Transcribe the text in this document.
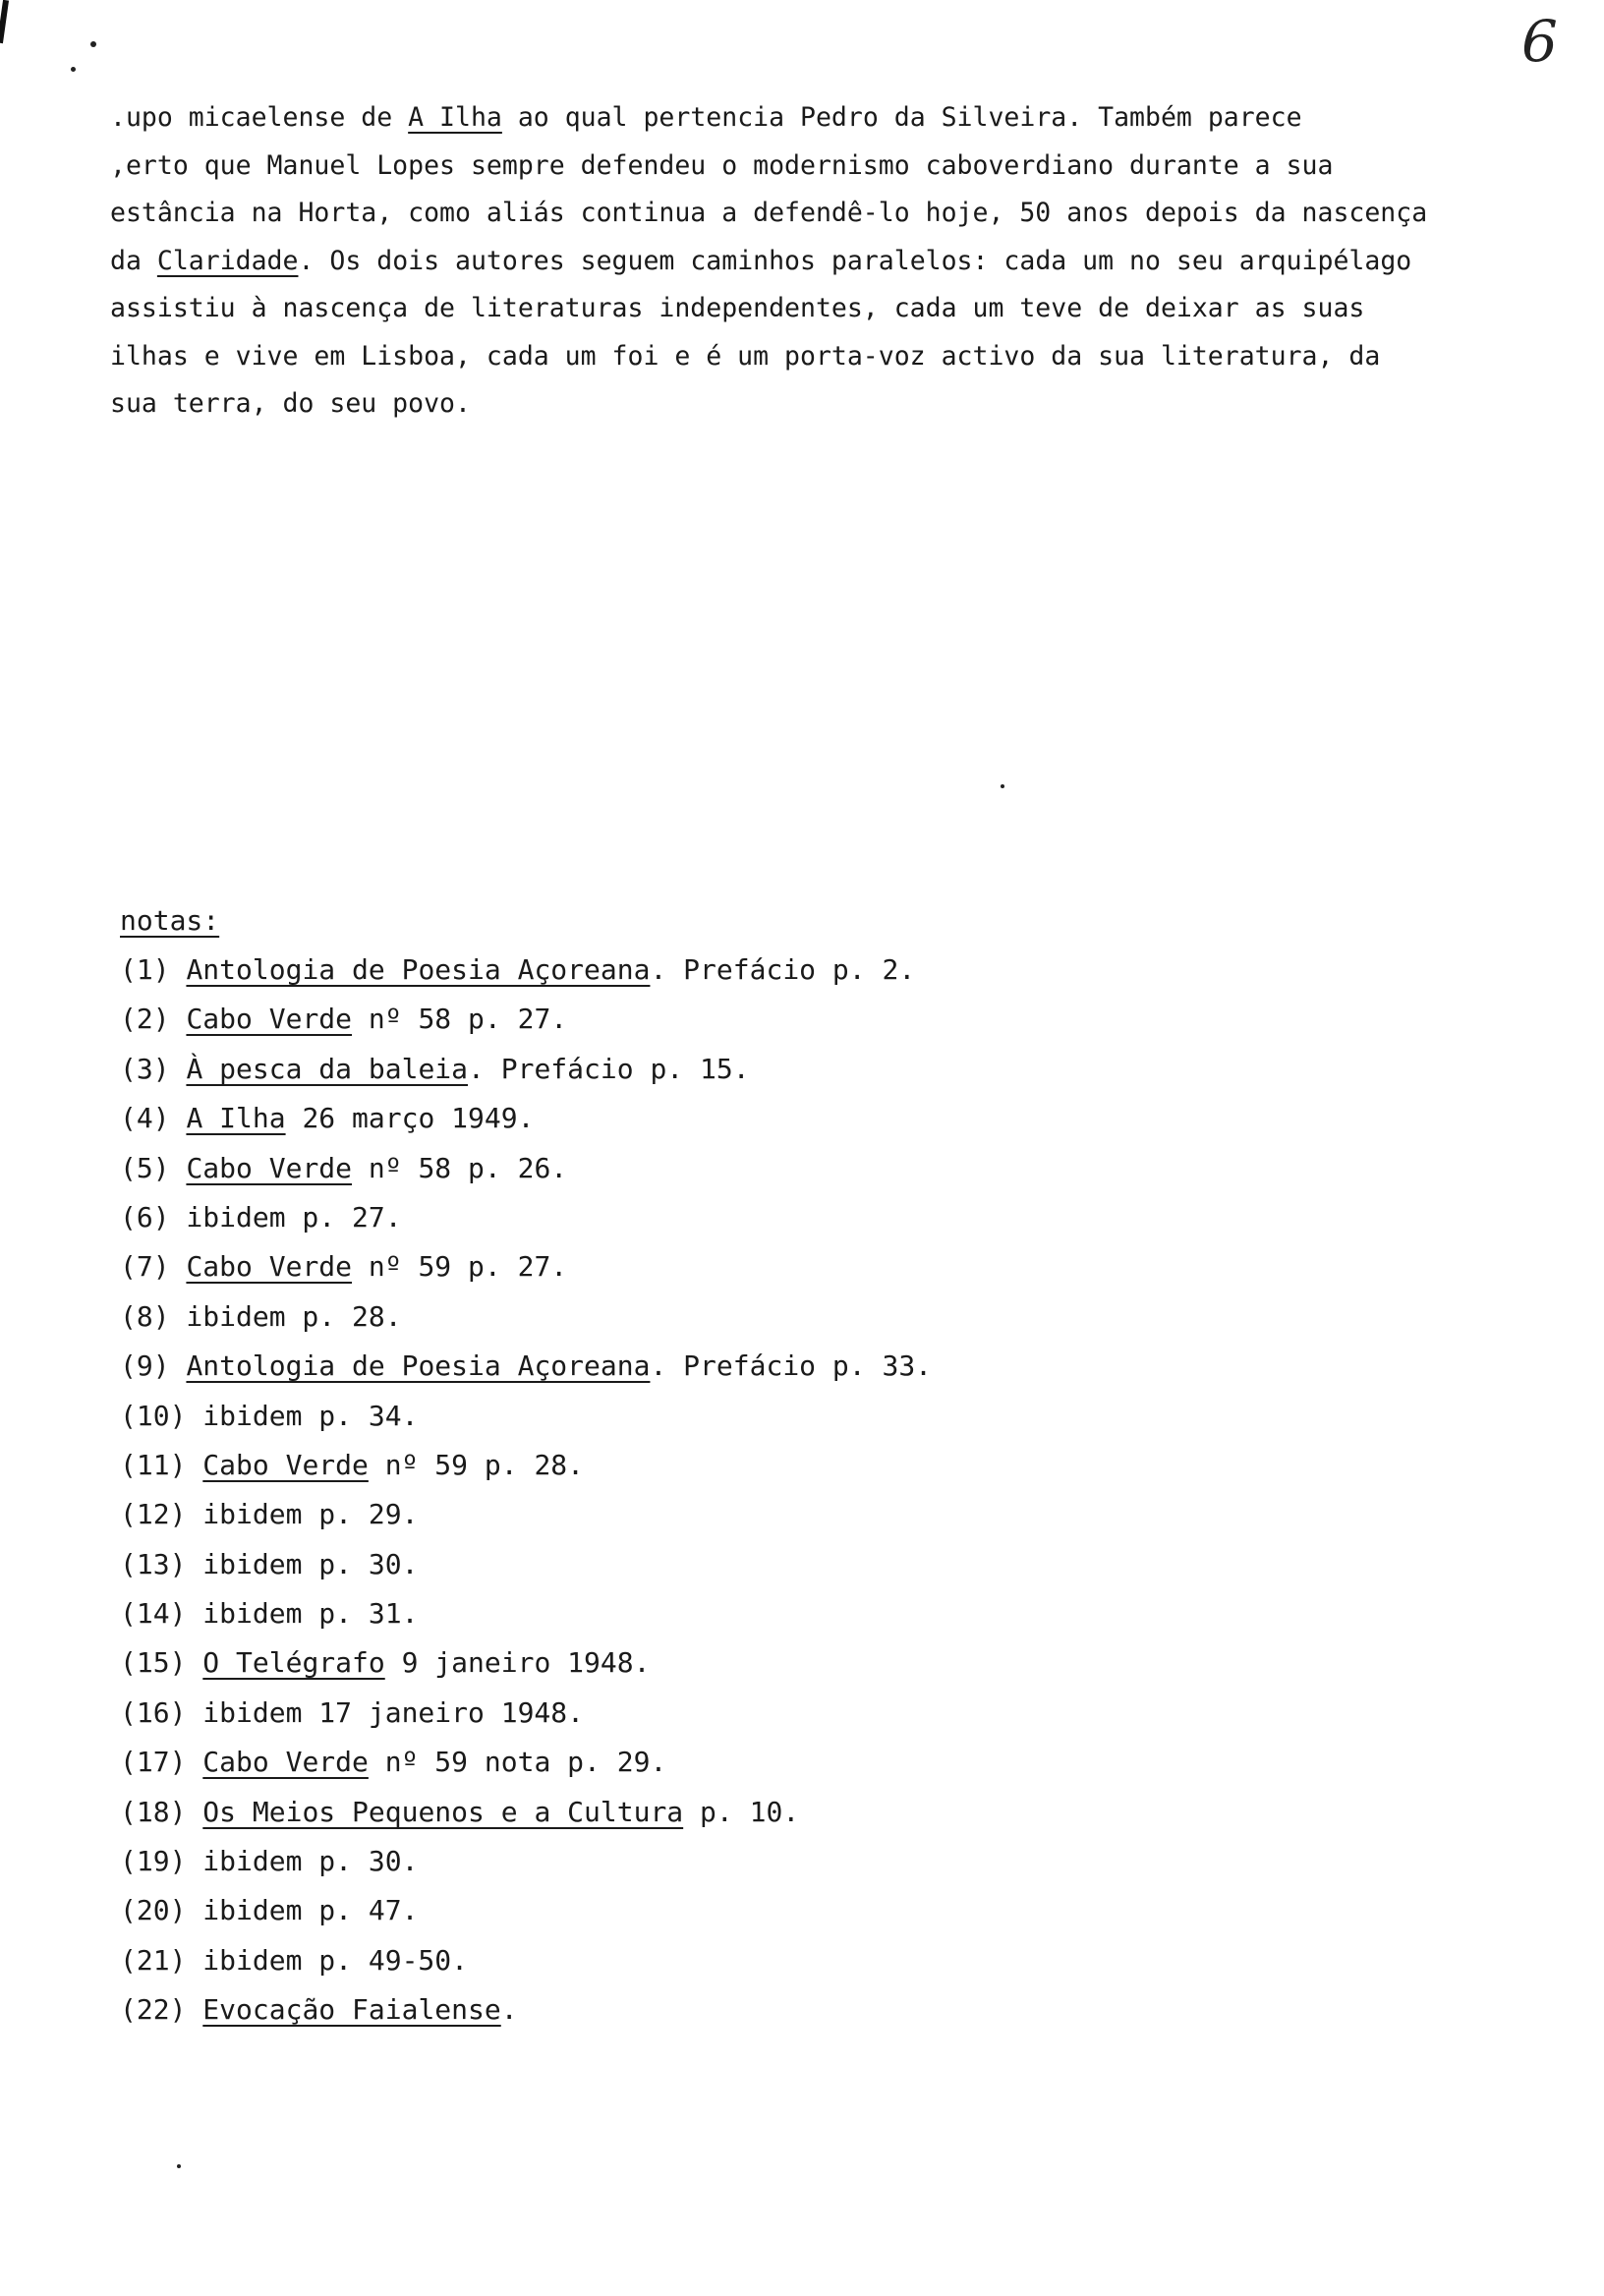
6
.upo micaelense de A Ilha ao qual pertencia Pedro da Silveira. Também parece
,erto que Manuel Lopes sempre defendeu o modernismo caboverdiano durante a sua
estância na Horta, como aliás continua a defendê-lo hoje, 50 anos depois da nascença
da Claridade. Os dois autores seguem caminhos paralelos: cada um no seu arquipélago
assistiu à nascença de literaturas independentes, cada um teve de deixar as suas
ilhas e vive em Lisboa, cada um foi e é um porta-voz activo da sua literatura, da
sua terra, do seu povo.
notas:
(1) Antologia de Poesia Açoreana. Prefácio p. 2.
(2) Cabo Verde nº 58 p. 27.
(3) À pesca da baleia. Prefácio p. 15.
(4) A Ilha 26 março 1949.
(5) Cabo Verde nº 58 p. 26.
(6) ibidem p. 27.
(7) Cabo Verde nº 59 p. 27.
(8) ibidem p. 28.
(9) Antologia de Poesia Açoreana. Prefácio p. 33.
(10) ibidem p. 34.
(11) Cabo Verde nº 59 p. 28.
(12) ibidem p. 29.
(13) ibidem p. 30.
(14) ibidem p. 31.
(15) O Telégrafo 9 janeiro 1948.
(16) ibidem 17 janeiro 1948.
(17) Cabo Verde nº 59 nota p. 29.
(18) Os Meios Pequenos e a Cultura p. 10.
(19) ibidem p. 30.
(20) ibidem p. 47.
(21) ibidem p. 49-50.
(22) Evocação Faialense.
